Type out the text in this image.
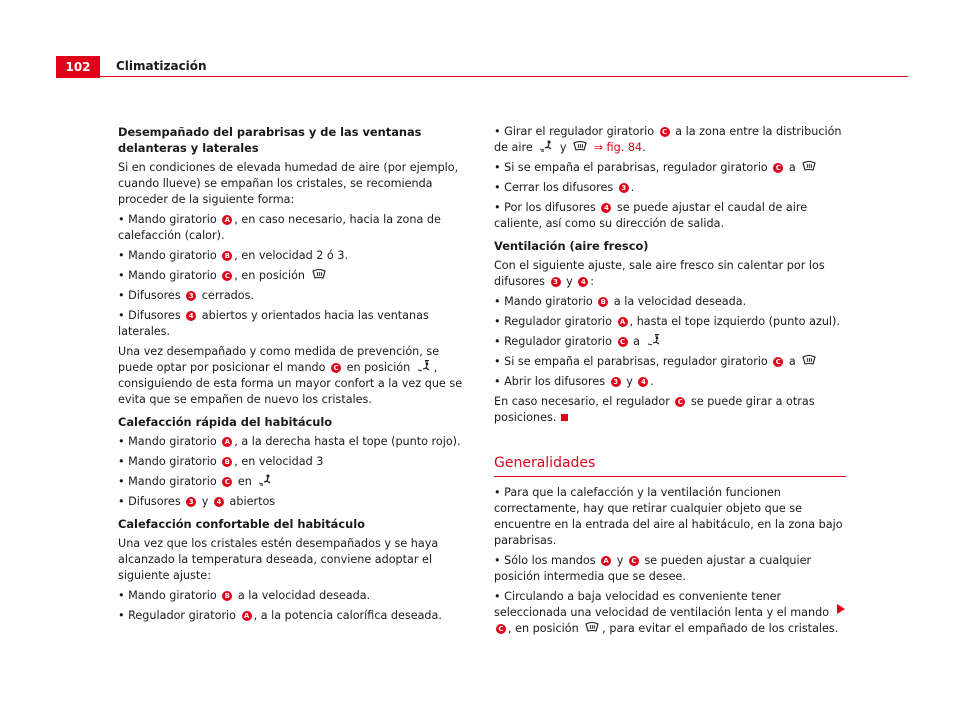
102	Climatización
Desempañado del parabrisas y de las ventanas delanteras y laterales

Si en condiciones de elevada humedad de aire (por ejemplo, cuando llueve) se empañan los cristales, se recomienda proceder de la siguiente forma:

• Mando giratorio A , en caso necesario, hacia la zona de calefacción (calor).

• Mando giratorio B , en velocidad 2 ó 3.

• Mando giratorio C , en posición

• Difusores 3 cerrados.

• Difusores 4 abiertos y orientados hacia las ventanas laterales.

Una vez desempañado y como medida de prevención, se puede optar por posicionar el mando C en posición , consiguiendo de esta forma un mayor confort a la vez que se evita que se empañen de nuevo los cristales.

Calefacción rápida del habitáculo

• Mando giratorio A , a la derecha hasta el tope (punto rojo).

• Mando giratorio B , en velocidad 3

• Mando giratorio C en

• Difusores 3 y 4 abiertos

Calefacción confortable del habitáculo

Una vez que los cristales estén desempañados y se haya alcanzado la temperatura deseada, conviene adoptar el siguiente ajuste:

• Mando giratorio B a la velocidad deseada.

• Regulador giratorio A , a la potencia calorífica deseada.

• Girar el regulador giratorio C a la zona entre la distribución de aire y ⇒ fig. 84.

• Si se empaña el parabrisas, regulador giratorio C a

• Cerrar los difusores 3 .

• Por los difusores 4 se puede ajustar el caudal de aire caliente, así como su dirección de salida.

Ventilación (aire fresco)

Con el siguiente ajuste, sale aire fresco sin calentar por los difusores 3 y 4 :

• Mando giratorio B a la velocidad deseada.

• Regulador giratorio A , hasta el tope izquierdo (punto azul).

• Regulador giratorio C a

• Si se empaña el parabrisas, regulador giratorio C a

• Abrir los difusores 3 y 4 .

En caso necesario, el regulador C se puede girar a otras posiciones.

Generalidades

• Para que la calefacción y la ventilación funcionen correctamente, hay que retirar cualquier objeto que se encuentre en la entrada del aire al habitáculo, en la zona bajo parabrisas.

• Sólo los mandos A y C se pueden ajustar a cualquier posición intermedia que se desee.

• Circulando a baja velocidad es conveniente tener seleccionada una velocidad de ventilación lenta y el mando C , en posición , para evitar el empañado de los cristales.
